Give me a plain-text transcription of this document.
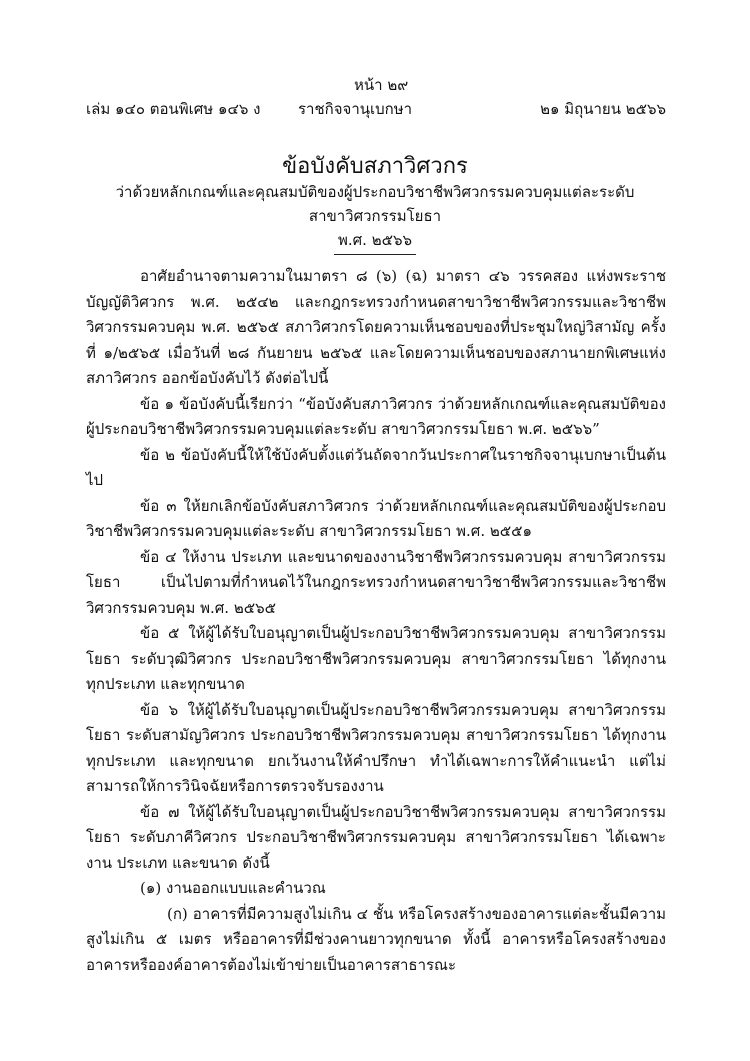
หน้า ๒๙
เล่ม ๑๔๐ ตอนพิเศษ ๑๔๖ ง	ราชกิจจานุเบกษา	๒๑ มิถุนายน ๒๕๖๖
ข้อบังคับสภาวิศวกร
ว่าด้วยหลักเกณฑ์และคุณสมบัติของผู้ประกอบวิชาชีพวิศวกรรมควบคุมแต่ละระดับ
สาขาวิศวกรรมโยธา
พ.ศ. ๒๕๖๖

อาศัยอำนาจตามความในมาตรา ๘ (๖) (ฉ) มาตรา ๔๖ วรรคสอง แห่งพระราชบัญญัติวิศวกร พ.ศ. ๒๕๔๒ และกฎกระทรวงกำหนดสาขาวิชาชีพวิศวกรรมและวิชาชีพวิศวกรรมควบคุม พ.ศ. ๒๕๖๕ สภาวิศวกรโดยความเห็นชอบของที่ประชุมใหญ่วิสามัญ ครั้งที่ ๑/๒๕๖๕ เมื่อวันที่ ๒๘ กันยายน ๒๕๖๕ และโดยความเห็นชอบของสภานายกพิเศษแห่งสภาวิศวกร ออกข้อบังคับไว้ ดังต่อไปนี้

ข้อ ๑ ข้อบังคับนี้เรียกว่า “ข้อบังคับสภาวิศวกร ว่าด้วยหลักเกณฑ์และคุณสมบัติของผู้ประกอบวิชาชีพวิศวกรรมควบคุมแต่ละระดับ สาขาวิศวกรรมโยธา พ.ศ. ๒๕๖๖”

ข้อ ๒ ข้อบังคับนี้ให้ใช้บังคับตั้งแต่วันถัดจากวันประกาศในราชกิจจานุเบกษาเป็นต้นไป

ข้อ ๓ ให้ยกเลิกข้อบังคับสภาวิศวกร ว่าด้วยหลักเกณฑ์และคุณสมบัติของผู้ประกอบวิชาชีพวิศวกรรมควบคุมแต่ละระดับ สาขาวิศวกรรมโยธา พ.ศ. ๒๕๕๑

ข้อ ๔ ให้งาน ประเภท และขนาดของงานวิชาชีพวิศวกรรมควบคุม สาขาวิศวกรรมโยธา เป็นไปตามที่กำหนดไว้ในกฎกระทรวงกำหนดสาขาวิชาชีพวิศวกรรมและวิชาชีพวิศวกรรมควบคุม พ.ศ. ๒๕๖๕

ข้อ ๕ ให้ผู้ได้รับใบอนุญาตเป็นผู้ประกอบวิชาชีพวิศวกรรมควบคุม สาขาวิศวกรรมโยธา ระดับวุฒิวิศวกร ประกอบวิชาชีพวิศวกรรมควบคุม สาขาวิศวกรรมโยธา ได้ทุกงาน ทุกประเภท และทุกขนาด

ข้อ ๖ ให้ผู้ได้รับใบอนุญาตเป็นผู้ประกอบวิชาชีพวิศวกรรมควบคุม สาขาวิศวกรรมโยธา ระดับสามัญวิศวกร ประกอบวิชาชีพวิศวกรรมควบคุม สาขาวิศวกรรมโยธา ได้ทุกงาน ทุกประเภท และทุกขนาด ยกเว้นงานให้คำปรึกษา ทำได้เฉพาะการให้คำแนะนำ แต่ไม่สามารถให้การวินิจฉัยหรือการตรวจรับรองงาน

ข้อ ๗ ให้ผู้ได้รับใบอนุญาตเป็นผู้ประกอบวิชาชีพวิศวกรรมควบคุม สาขาวิศวกรรมโยธา ระดับภาคีวิศวกร ประกอบวิชาชีพวิศวกรรมควบคุม สาขาวิศวกรรมโยธา ได้เฉพาะงาน ประเภท และขนาด ดังนี้

(๑) งานออกแบบและคำนวณ

(ก) อาคารที่มีความสูงไม่เกิน ๔ ชั้น หรือโครงสร้างของอาคารแต่ละชั้นมีความสูงไม่เกิน ๕ เมตร หรืออาคารที่มีช่วงคานยาวทุกขนาด ทั้งนี้ อาคารหรือโครงสร้างของอาคารหรือองค์อาคารต้องไม่เข้าข่ายเป็นอาคารสาธารณะ
